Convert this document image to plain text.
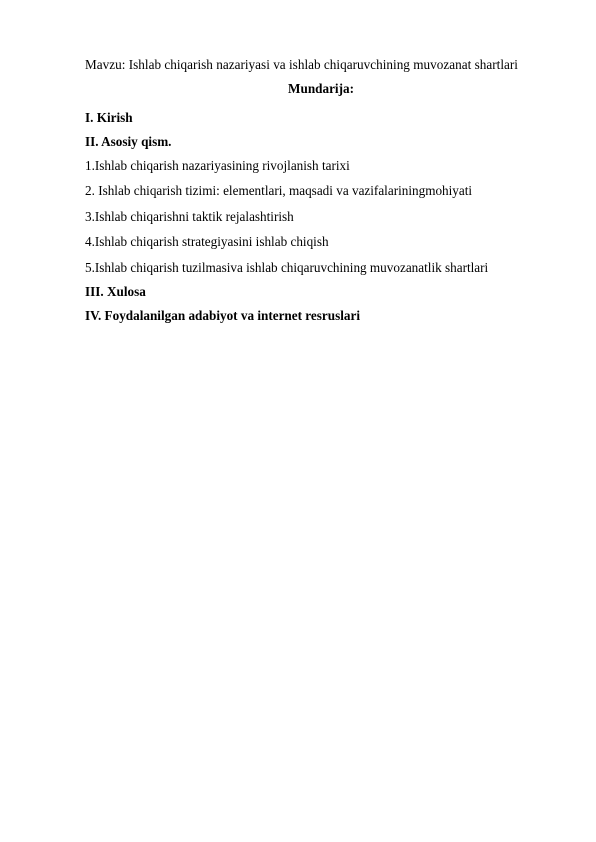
Mavzu: Ishlab chiqarish nazariyasi va ishlab chiqaruvchining muvozanat shartlari
Mundarija:
I. Kirish
II. Asosiy qism.
1.Ishlab chiqarish nazariyasining rivojlanish tarixi
2. Ishlab chiqarish tizimi: elementlari, maqsadi va vazifalariningmohiyati
3.Ishlab chiqarishni taktik rejalashtirish
4.Ishlab chiqarish strategiyasini ishlab chiqish
5.Ishlab chiqarish tuzilmasiva ishlab chiqaruvchining muvozanatlik shartlari
III. Xulosa
IV. Foydalanilgan adabiyot va internet resruslari
